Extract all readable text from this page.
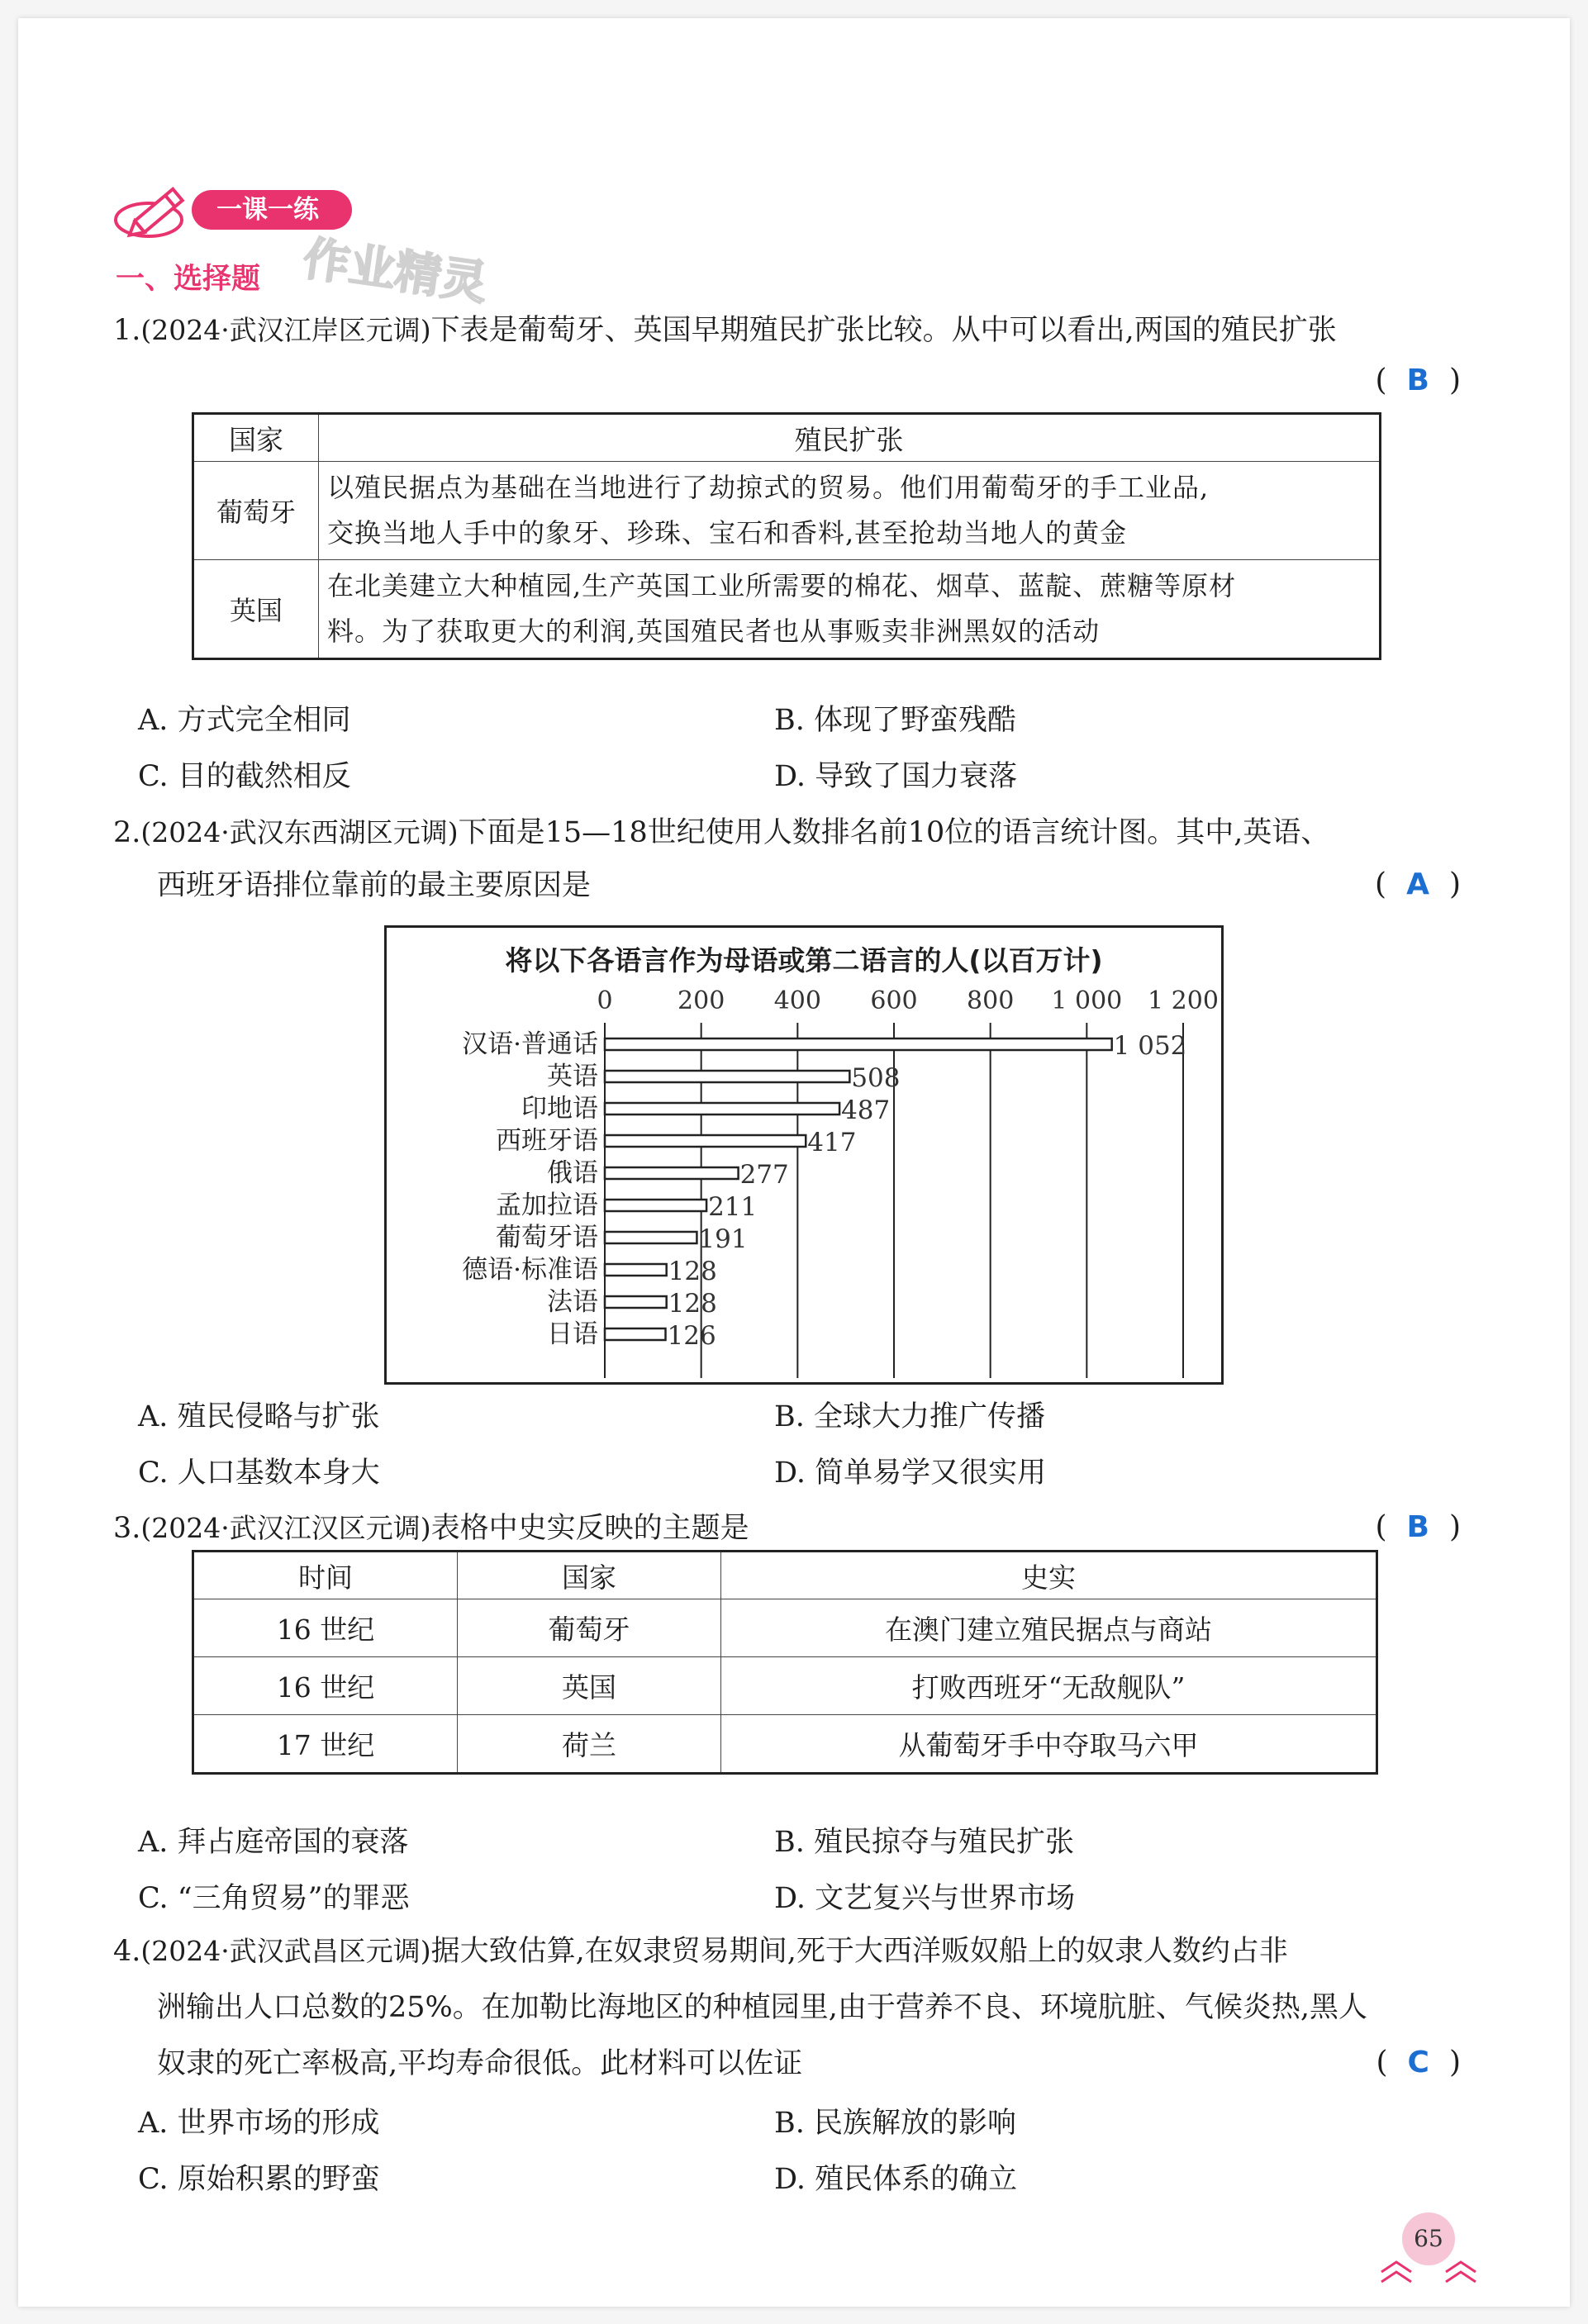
一课一练
一、选择题 作业精灵
1.(2024·武汉江岸区元调)下表是葡萄牙、英国早期殖民扩张比较。从中可以看出,两国的殖民扩张
( B )
国家	殖民扩张
葡萄牙	以殖民据点为基础在当地进行了劫掠式的贸易。他们用葡萄牙的手工业品,
交换当地人手中的象牙、珍珠、宝石和香料,甚至抢劫当地人的黄金

英国	在北美建立大种植园,生产英国工业所需要的棉花、烟草、蓝靛、蔗糖等原材
料。为了获取更大的利润,英国殖民者也从事贩卖非洲黑奴的活动
A. 方式完全相同	B. 体现了野蛮残酷
C. 目的截然相反	D. 导致了国力衰落
2.(2024·武汉东西湖区元调)下面是15—18世纪使用人数排名前10位的语言统计图。其中,英语、
西班牙语排位靠前的最主要原因是	( A )
将以下各语言作为母语或第二语言的人(以百万计)
0	200 400 600 800 1 000 1 200
汉语·普通话	1 052
英语	508
印地语	487
西班牙语	417
俄语	277
孟加拉语	211
葡萄牙语	191
德语·标准语	128
法语	128
日语	126
A. 殖民侵略与扩张	B. 全球大力推广传播
C. 人口基数本身大	D. 简单易学又很实用
3.(2024·武汉江汉区元调)表格中史实反映的主题是	( B )
时间	国家	史实
16 世纪	葡萄牙	在澳门建立殖民据点与商站
16 世纪	英国	打败西班牙“无敌舰队”
17 世纪	荷兰	从葡萄牙手中夺取马六甲
A. 拜占庭帝国的衰落	B. 殖民掠夺与殖民扩张
C. “三角贸易”的罪恶	D. 文艺复兴与世界市场
4.(2024·武汉武昌区元调)据大致估算,在奴隶贸易期间,死于大西洋贩奴船上的奴隶人数约占非
洲输出人口总数的25%。在加勒比海地区的种植园里,由于营养不良、环境肮脏、气候炎热,黑人
奴隶的死亡率极高,平均寿命很低。此材料可以佐证	( C )
A. 世界市场的形成	B. 民族解放的影响
C. 原始积累的野蛮	D. 殖民体系的确立
65
